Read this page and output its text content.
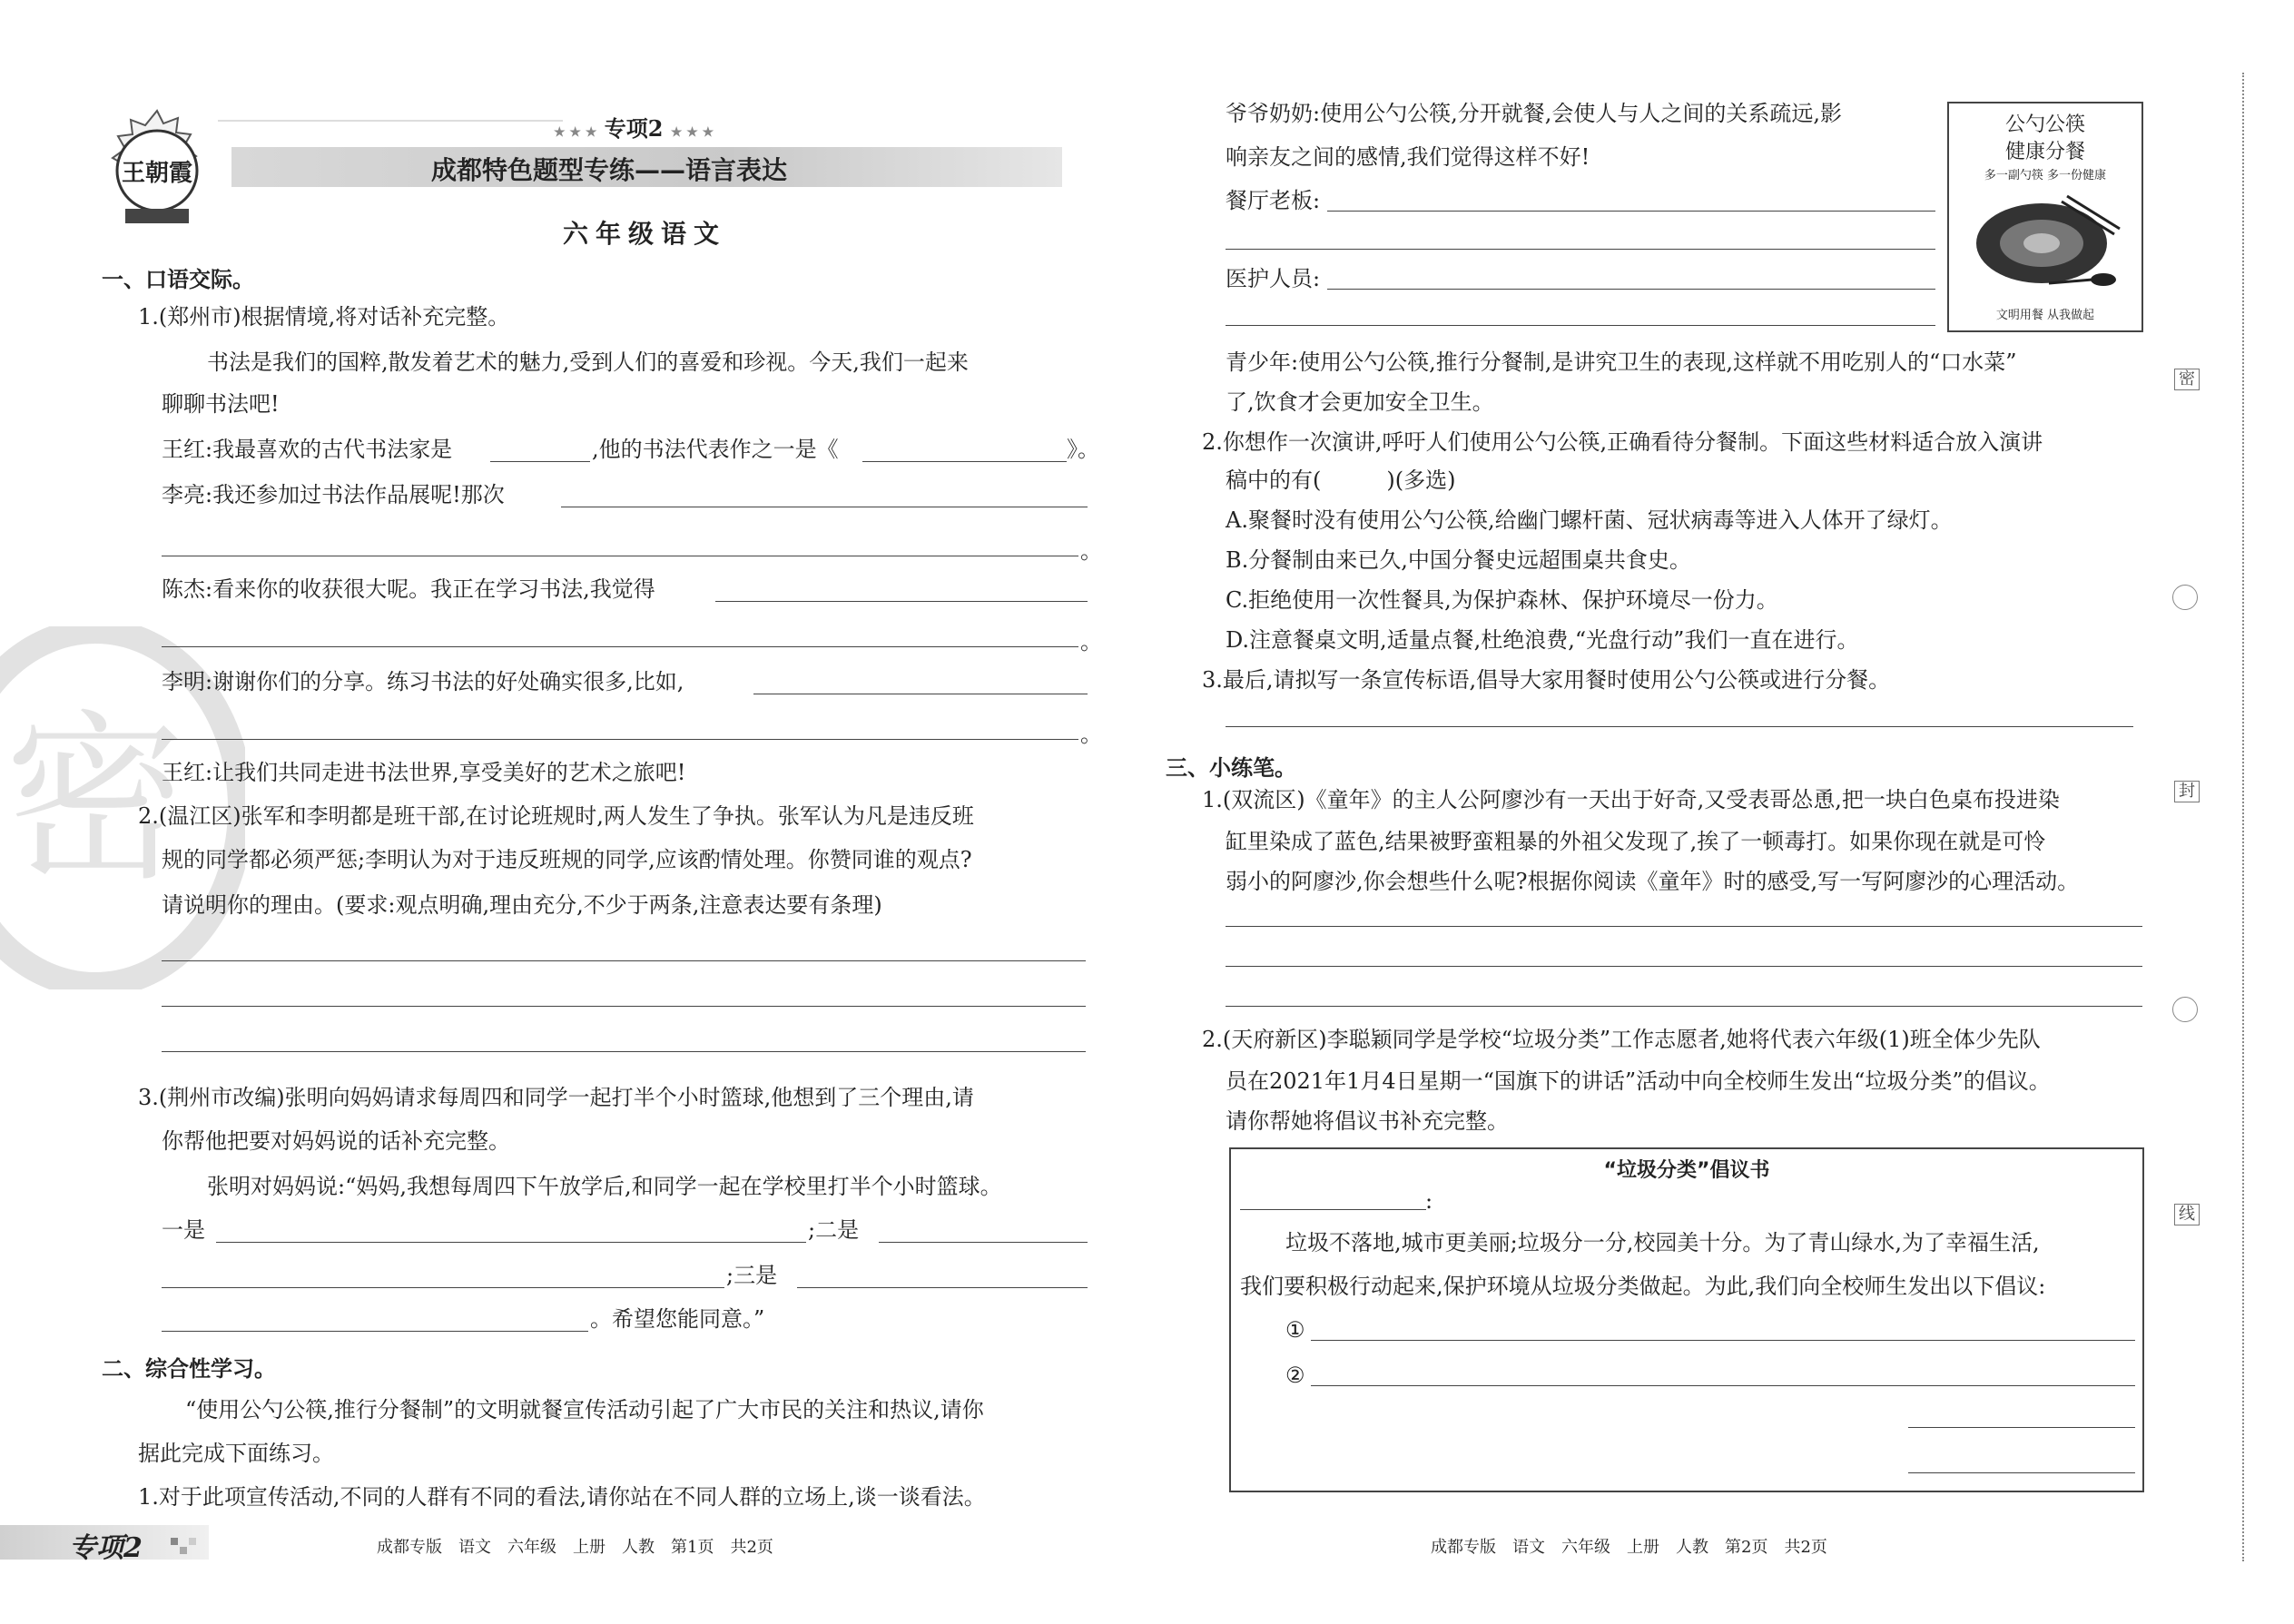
密
王朝霞
★ ★ ★ 专项2 ★ ★ ★
成都特色题型专练——语言表达
六年级语文
一、口语交际。
1.(郑州市)根据情境,将对话补充完整。
书法是我们的国粹,散发着艺术的魅力,受到人们的喜爱和珍视。今天,我们一起来
聊聊书法吧!
王红:我最喜欢的古代书法家是	,他的书法代表作之一是《	》。
李亮:我还参加过书法作品展呢!那次
。
陈杰:看来你的收获很大呢。我正在学习书法,我觉得
。
李明:谢谢你们的分享。练习书法的好处确实很多,比如,
。
王红:让我们共同走进书法世界,享受美好的艺术之旅吧!
2.(温江区)张军和李明都是班干部,在讨论班规时,两人发生了争执。张军认为凡是违反班
规的同学都必须严惩;李明认为对于违反班规的同学,应该酌情处理。你赞同谁的观点?
请说明你的理由。(要求:观点明确,理由充分,不少于两条,注意表达要有条理)
3.(荆州市改编)张明向妈妈请求每周四和同学一起打半个小时篮球,他想到了三个理由,请
你帮他把要对妈妈说的话补充完整。
张明对妈妈说:“妈妈,我想每周四下午放学后,和同学一起在学校里打半个小时篮球。
一是	;二是
;三是
。希望您能同意。”
二、综合性学习。
“使用公勺公筷,推行分餐制”的文明就餐宣传活动引起了广大市民的关注和热议,请你
据此完成下面练习。
1.对于此项宣传活动,不同的人群有不同的看法,请你站在不同人群的立场上,谈一谈看法。
专项2	成都专版　语文　六年级　上册　人教　第1页　共2页
爷爷奶奶:使用公勺公筷,分开就餐,会使人与人之间的关系疏远,影
响亲友之间的感情,我们觉得这样不好!
餐厅老板:
医护人员:
公勺公筷
健康分餐
多一副勺筷 多一份健康
文明用餐 从我做起
青少年:使用公勺公筷,推行分餐制,是讲究卫生的表现,这样就不用吃别人的“口水菜”
了,饮食才会更加安全卫生。
2.你想作一次演讲,呼吁人们使用公勺公筷,正确看待分餐制。下面这些材料适合放入演讲
稿中的有(　　　)(多选)
A.聚餐时没有使用公勺公筷,给幽门螺杆菌、冠状病毒等进入人体开了绿灯。
B.分餐制由来已久,中国分餐史远超围桌共食史。
C.拒绝使用一次性餐具,为保护森林、保护环境尽一份力。
D.注意餐桌文明,适量点餐,杜绝浪费,“光盘行动”我们一直在进行。
3.最后,请拟写一条宣传标语,倡导大家用餐时使用公勺公筷或进行分餐。
三、小练笔。
1.(双流区)《童年》的主人公阿廖沙有一天出于好奇,又受表哥怂恿,把一块白色桌布投进染
缸里染成了蓝色,结果被野蛮粗暴的外祖父发现了,挨了一顿毒打。如果你现在就是可怜
弱小的阿廖沙,你会想些什么呢?根据你阅读《童年》时的感受,写一写阿廖沙的心理活动。
2.(天府新区)李聪颖同学是学校“垃圾分类”工作志愿者,她将代表六年级(1)班全体少先队
员在2021年1月4日星期一“国旗下的讲话”活动中向全校师生发出“垃圾分类”的倡议。
请你帮她将倡议书补充完整。
“垃圾分类”倡议书
:
垃圾不落地,城市更美丽;垃圾分一分,校园美十分。为了青山绿水,为了幸福生活,
我们要积极行动起来,保护环境从垃圾分类做起。为此,我们向全校师生发出以下倡议:
①
②
成都专版　语文　六年级　上册　人教　第2页　共2页
密
封
线
